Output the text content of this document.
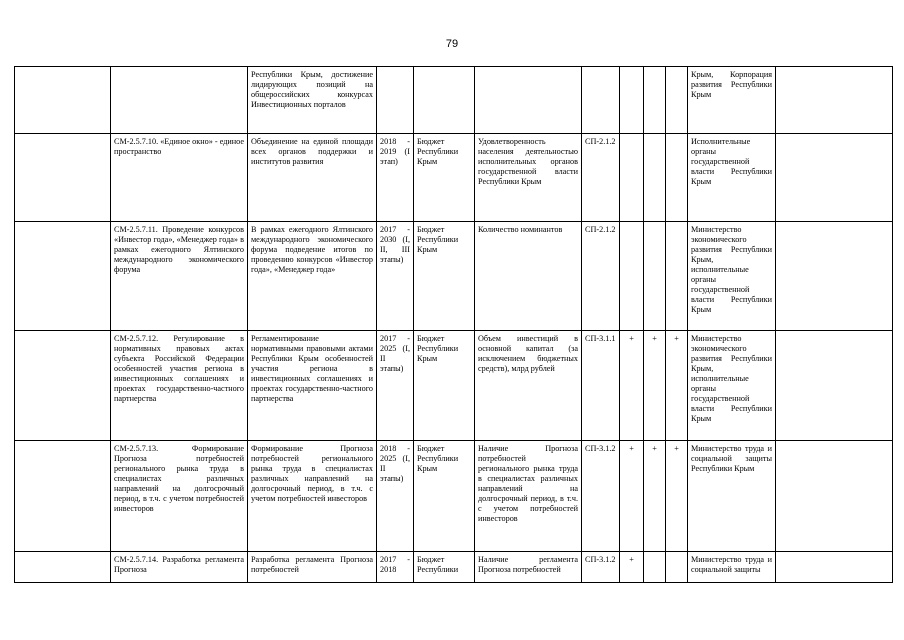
79
		Республики Крым, достижение лидирующих позиций на общероссийских конкурсах Инвестиционных порталов								Крым, Корпорация развития Республики Крым	
	СМ-2.5.7.10. «Единое окно» - единое пространство	Объединение на единой площади всех органов поддержки и институтов развития	2018 - 2019 (I этап)	Бюджет Республики Крым	Удовлетворенность населения деятельностью исполнительных органов государственной власти Республики Крым	СП-2.1.2				Исполнительные органы государственной власти Республики Крым	
	СМ-2.5.7.11. Проведение конкурсов «Инвестор года», «Менеджер года» в рамках ежегодного Ялтинского международного экономического форума	В рамках ежегодного Ялтинского международного экономического форума подведение итогов по проведению конкурсов «Инвестор года», «Менеджер года»	2017 - 2030 (I, II, III этапы)	Бюджет Республики Крым	Количество номинантов	СП-2.1.2				Министерство экономического развития Республики Крым, исполнительные органы государственной власти Республики Крым	
	СМ-2.5.7.12. Регулирование в нормативных правовых актах субъекта Российской Федерации особенностей участия региона в инвестиционных соглашениях и проектах государственно-частного партнерства	Регламентирование нормативными правовыми актами Республики Крым особенностей участия региона в инвестиционных соглашениях и проектах государственно-частного партнерства	2017 - 2025 (I, II этапы)	Бюджет Республики Крым	Объем инвестиций в основной капитал (за исключением бюджетных средств), млрд рублей	СП-3.1.1	+	+	+	Министерство экономического развития Республики Крым, исполнительные органы государственной власти Республики Крым	
	СМ-2.5.7.13. Формирование Прогноза потребностей регионального рынка труда в специалистах различных направлений на долгосрочный период, в т.ч. с учетом потребностей инвесторов	Формирование Прогноза потребностей регионального рынка труда в специалистах различных направлений на долгосрочный период, в т.ч. с учетом потребностей инвесторов	2018 - 2025 (I, II этапы)	Бюджет Республики Крым	Наличие Прогноза потребностей регионального рынка труда в специалистах различных направлений на долгосрочный период, в т.ч. с учетом потребностей инвесторов	СП-3.1.2	+	+	+	Министерство труда и социальной защиты Республики Крым	
	СМ-2.5.7.14. Разработка регламента Прогноза	Разработка регламента Прогноза потребностей	2017 - 2018	Бюджет Республики	Наличие регламента Прогноза потребностей	СП-3.1.2	+			Министерство труда и социальной защиты	
